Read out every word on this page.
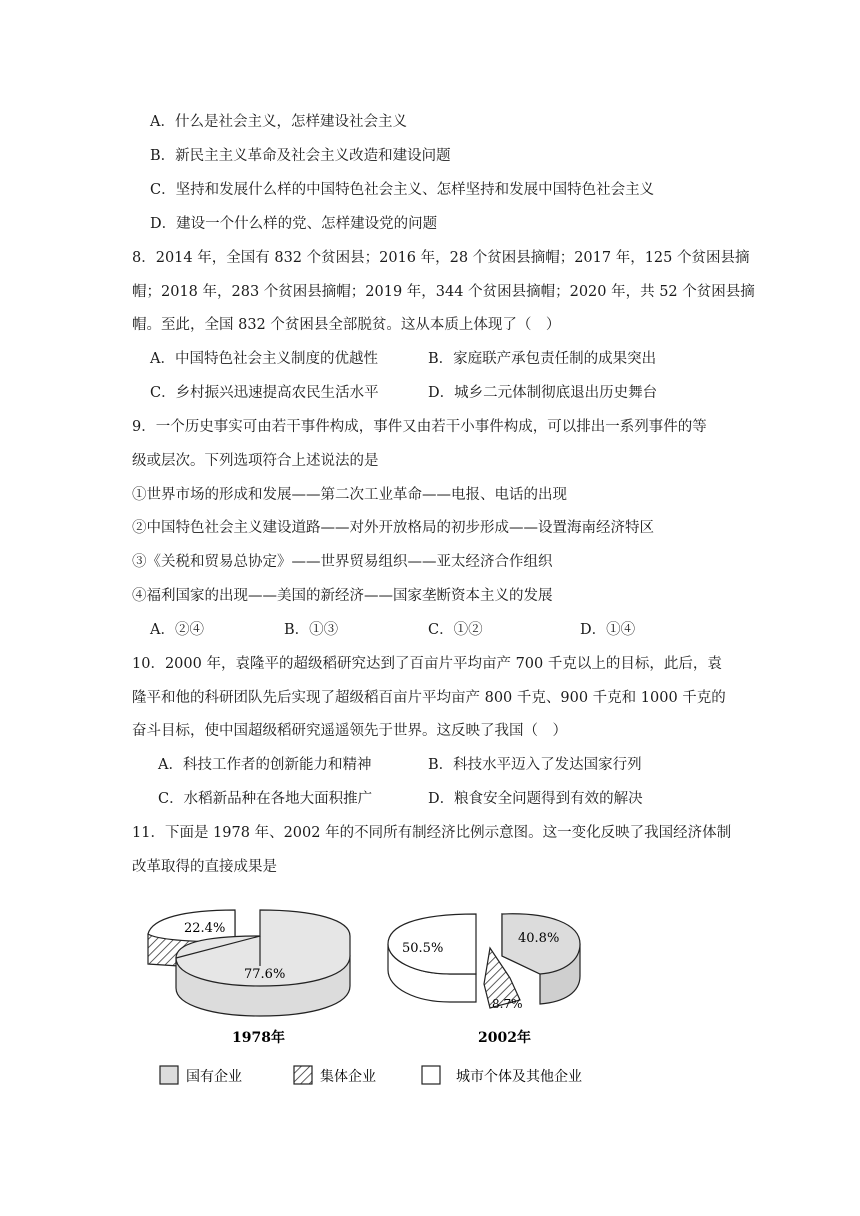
A．什么是社会主义，怎样建设社会主义
B．新民主主义革命及社会主义改造和建设问题
C．坚持和发展什么样的中国特色社会主义、怎样坚持和发展中国特色社会主义
D．建设一个什么样的党、怎样建设党的问题
8．2014 年，全国有 832 个贫困县；2016 年，28 个贫困县摘帽；2017 年，125 个贫困县摘
帽；2018 年，283 个贫困县摘帽；2019 年，344 个贫困县摘帽；2020 年，共 52 个贫困县摘
帽。至此，全国 832 个贫困县全部脱贫。这从本质上体现了（　）
A．中国特色社会主义制度的优越性	B．家庭联产承包责任制的成果突出
C．乡村振兴迅速提高农民生活水平	D．城乡二元体制彻底退出历史舞台
9．一个历史事实可由若干事件构成，事件又由若干小事件构成，可以排出一系列事件的等
级或层次。下列选项符合上述说法的是
①世界市场的形成和发展——第二次工业革命——电报、电话的出现
②中国特色社会主义建设道路——对外开放格局的初步形成——设置海南经济特区
③《关税和贸易总协定》——世界贸易组织——亚太经济合作组织
④福利国家的出现——美国的新经济——国家垄断资本主义的发展
A．②④	B．①③	C．①②	D．①④
10．2000 年，袁隆平的超级稻研究达到了百亩片平均亩产 700 千克以上的目标，此后，袁
隆平和他的科研团队先后实现了超级稻百亩片平均亩产 800 千克、900 千克和 1000 千克的
奋斗目标，使中国超级稻研究遥遥领先于世界。这反映了我国（　）
A．科技工作者的创新能力和精神	B．科技水平迈入了发达国家行列
C．水稻新品种在各地大面积推广	D．粮食安全问题得到有效的解决
11．下面是 1978 年、2002 年的不同所有制经济比例示意图。这一变化反映了我国经济体制
改革取得的直接成果是
22.4%
77.6%
1978年
50.5%
8.7%
40.8%
2002年
国有企业	集体企业	城市个体及其他企业
